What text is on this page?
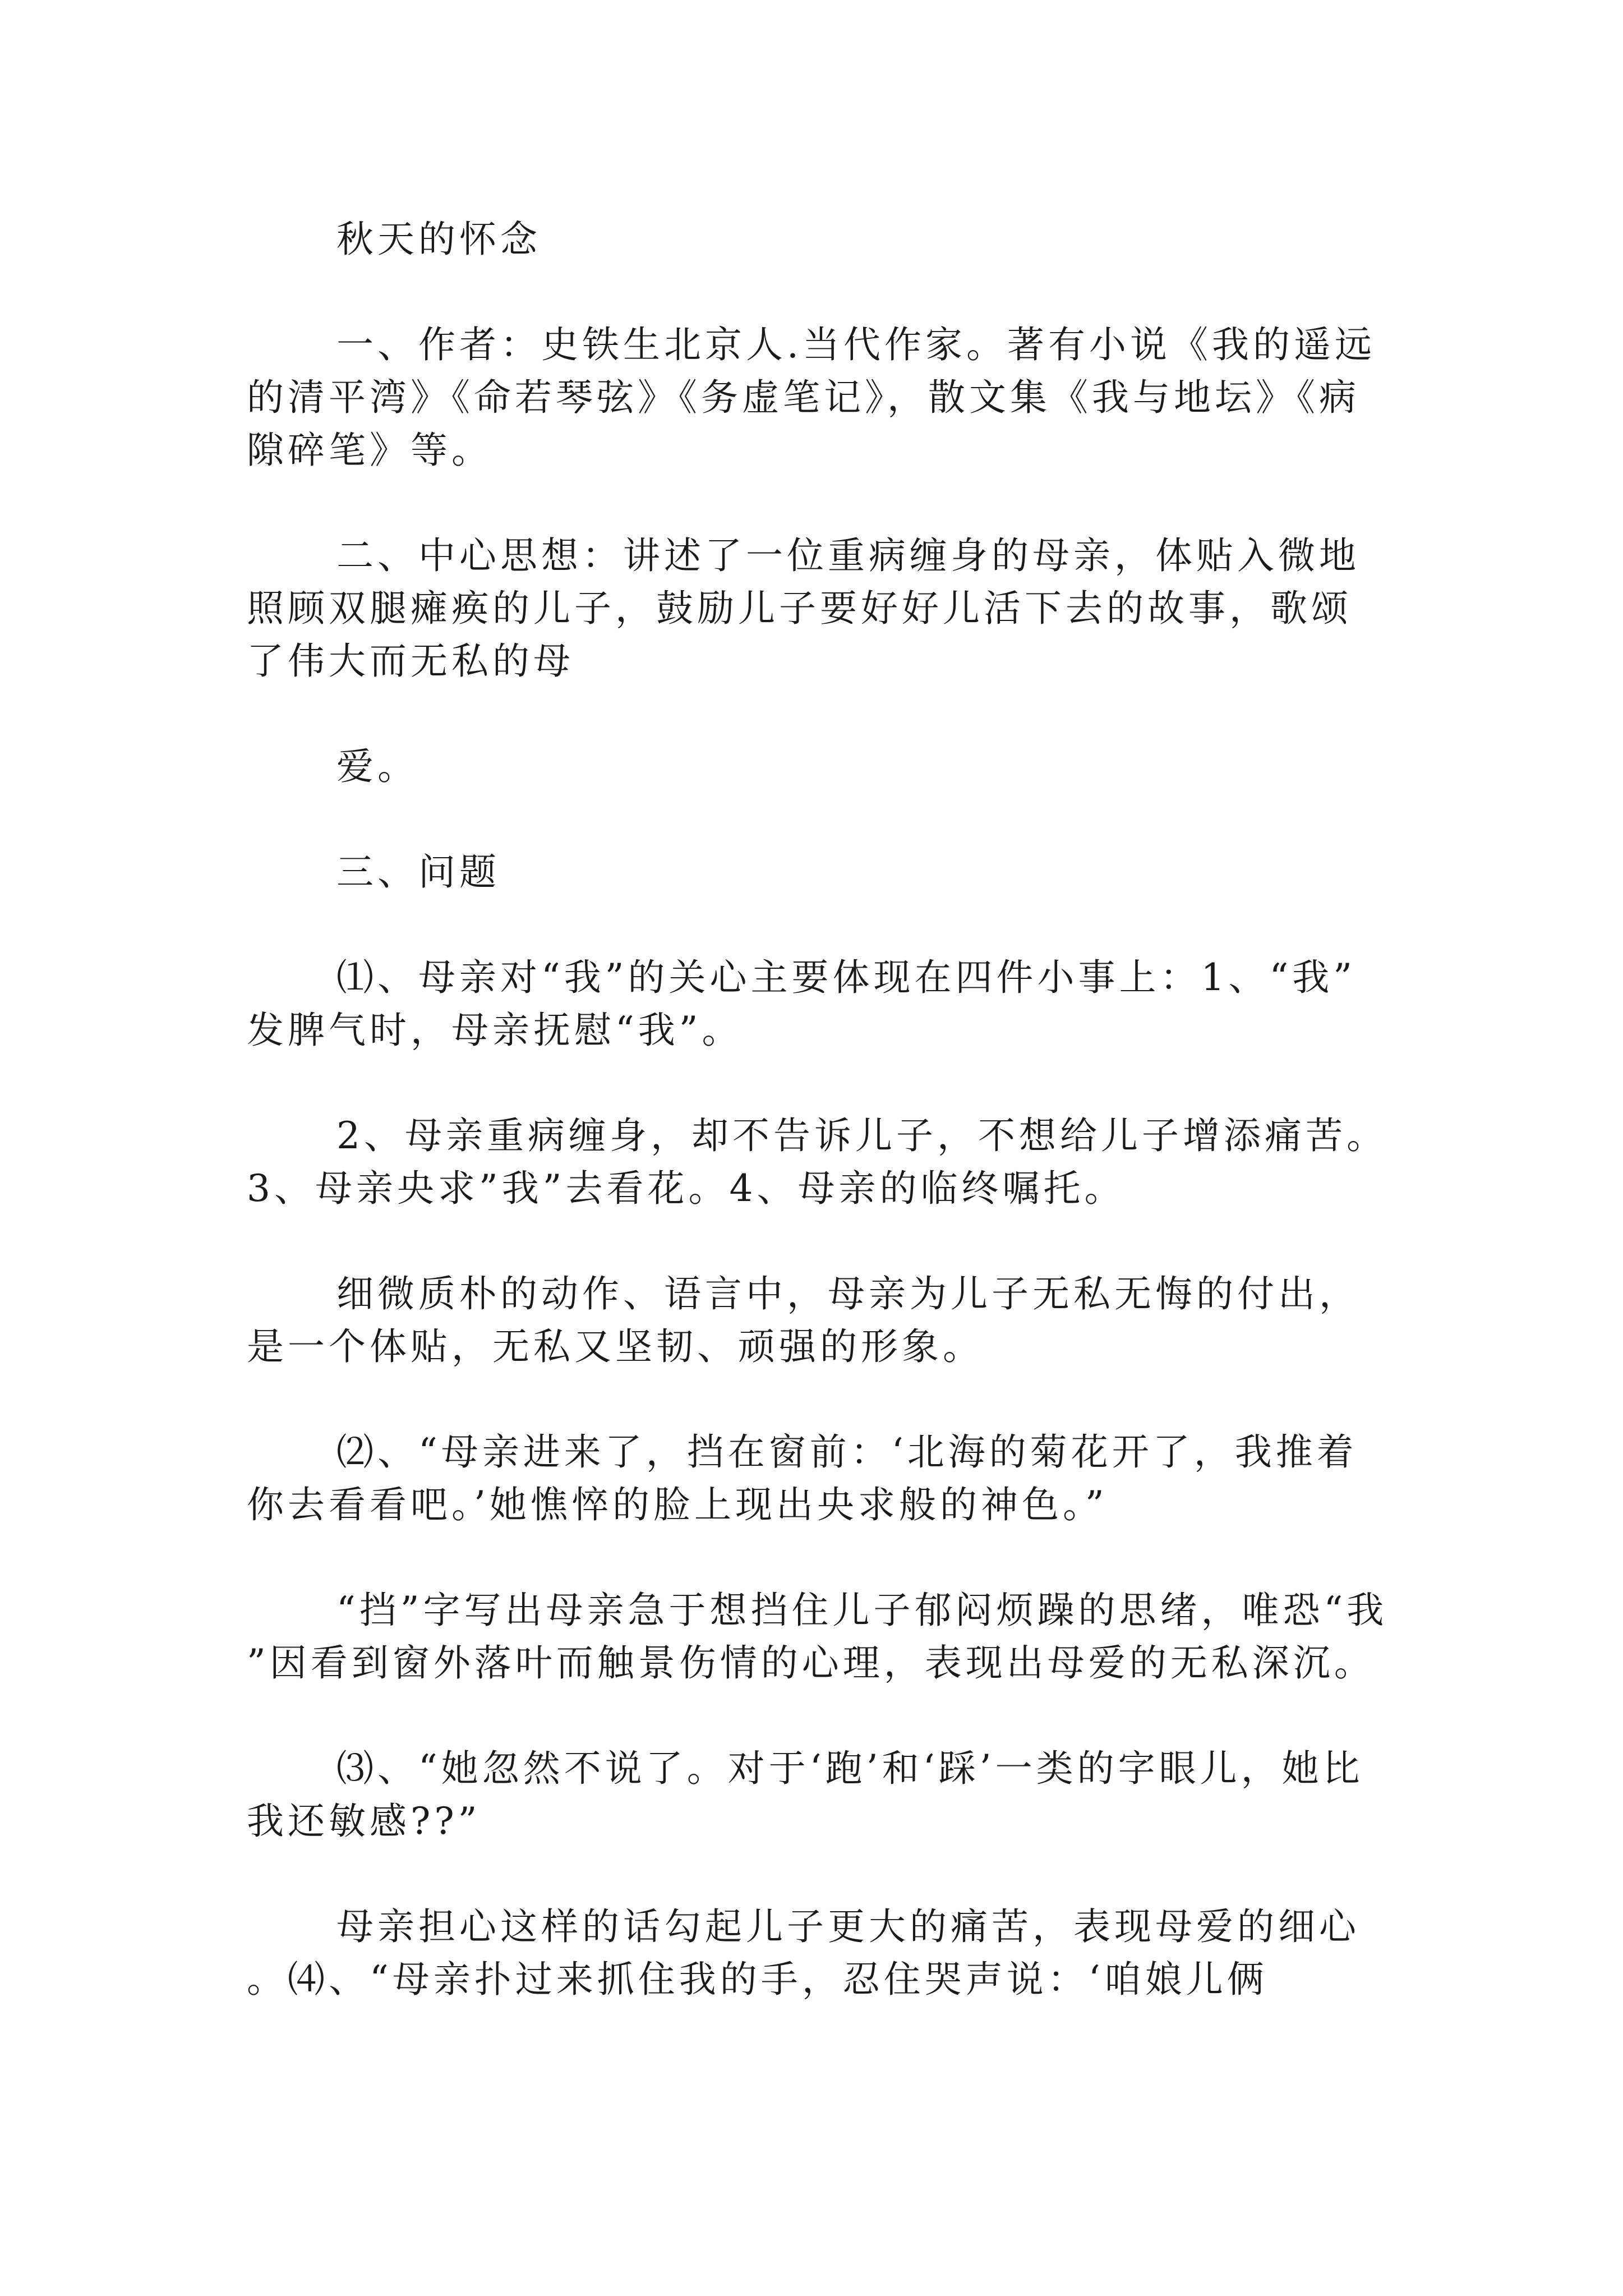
秋天的怀念

一、作者：史铁生北京人.当代作家。著有小说《我的遥远的清平湾》《命若琴弦》《务虚笔记》，散文集《我与地坛》《病隙碎笔》等。

二、中心思想：讲述了一位重病缠身的母亲，体贴入微地照顾双腿瘫痪的儿子，鼓励儿子要好好儿活下去的故事，歌颂了伟大而无私的母

爱。

三、问题

⑴、母亲对“我”的关心主要体现在四件小事上：1、“我”发脾气时，母亲抚慰“我”。

2、母亲重病缠身，却不告诉儿子，不想给儿子增添痛苦。3、母亲央求”我”去看花。4、母亲的临终嘱托。

细微质朴的动作、语言中，母亲为儿子无私无悔的付出，是一个体贴，无私又坚韧、顽强的形象。

⑵、“母亲进来了，挡在窗前：‘北海的菊花开了，我推着你去看看吧。’她憔悴的脸上现出央求般的神色。”

“挡”字写出母亲急于想挡住儿子郁闷烦躁的思绪，唯恐“我”因看到窗外落叶而触景伤情的心理，表现出母爱的无私深沉。

⑶、“她忽然不说了。对于‘跑’和‘踩’一类的字眼儿，她比我还敏感??”

母亲担心这样的话勾起儿子更大的痛苦，表现母爱的细心。⑷、“母亲扑过来抓住我的手，忍住哭声说：‘咱娘儿俩
